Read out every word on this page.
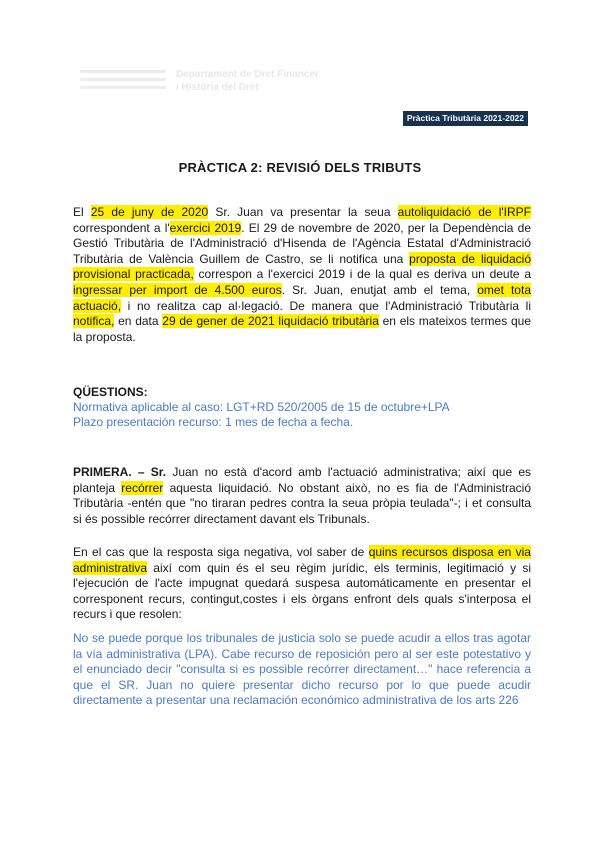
Departament de Dret Financer
i Història del Dret
Pràctica Tributària 2021-2022
PRÀCTICA 2: REVISIÓ DELS TRIBUTS
El 25 de juny de 2020 Sr. Juan va presentar la seua autoliquidació de l'IRPF correspondent a l'exercici 2019. El 29 de novembre de 2020, per la Dependència de Gestió Tributària de l'Administració d'Hisenda de l'Agència Estatal d'Administració Tributària de València Guillem de Castro, se li notifica una proposta de liquidació provisional practicada, correspon a l'exercici 2019 i de la qual es deriva un deute a ingressar per import de 4.500 euros. Sr. Juan, enutjat amb el tema, omet tota actuació, i no realitza cap al·legació. De manera que l'Administració Tributària li notifica, en data 29 de gener de 2021 liquidació tributària en els mateixos termes que la proposta.
QÜESTIONS:
Normativa aplicable al caso: LGT+RD 520/2005 de 15 de octubre+LPA
Plazo presentación recurso: 1 mes de fecha a fecha.
PRIMERA. – Sr. Juan no està d'acord amb l'actuació administrativa; així que es planteja recórrer aquesta liquidació. No obstant això, no es fia de l'Administració Tributària -entén que "no tiraran pedres contra la seua pròpia teulada"-; i et consulta si és possible recórrer directament davant els Tribunals.
En el cas que la resposta siga negativa, vol saber de quins recursos disposa en via administrativa així com quin és el seu règim jurídic, els terminis, legitimació y si l'ejecución de l'acte impugnat quedará suspesa automáticamente en presentar el corresponent recurs, contingut,costes i els òrgans enfront dels quals s'interposa el recurs i que resolen:
No se puede porque los tribunales de justicia solo se puede acudir a ellos tras agotar la vía administrativa (LPA). Cabe recurso de reposición pero al ser este potestativo y el enunciado decir "consulta si es possible recórrer directament…" hace referencia a que el SR. Juan no quiere presentar dicho recurso por lo que puede acudir directamente a presentar una reclamación económico administrativa de los arts 226
